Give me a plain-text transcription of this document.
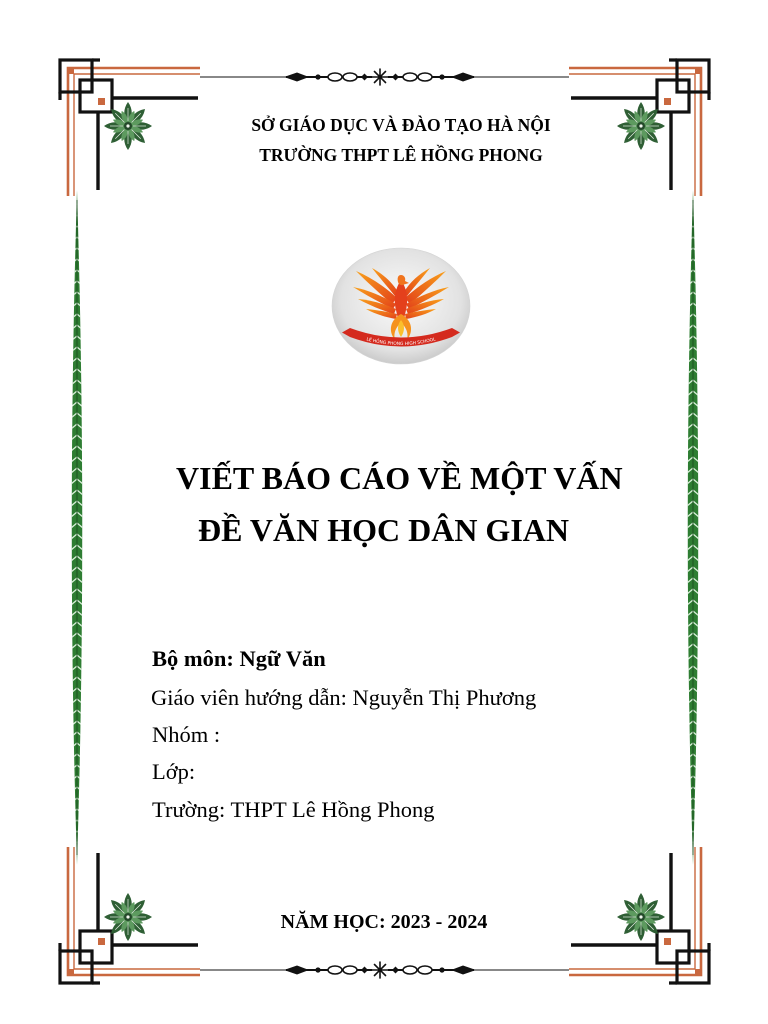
LÊ HỒNG PHONG HIGH SCHOOL
SỞ GIÁO DỤC VÀ ĐÀO TẠO HÀ NỘI
TRƯỜNG THPT LÊ HỒNG PHONG
VIẾT BÁO CÁO VỀ MỘT VẤN
ĐỀ VĂN HỌC DÂN GIAN
Bộ môn: Ngữ Văn
Giáo viên hướng dẫn: Nguyễn Thị Phương
Nhóm :
Lớp:
Trường: THPT Lê Hồng Phong
NĂM HỌC: 2023 - 2024
